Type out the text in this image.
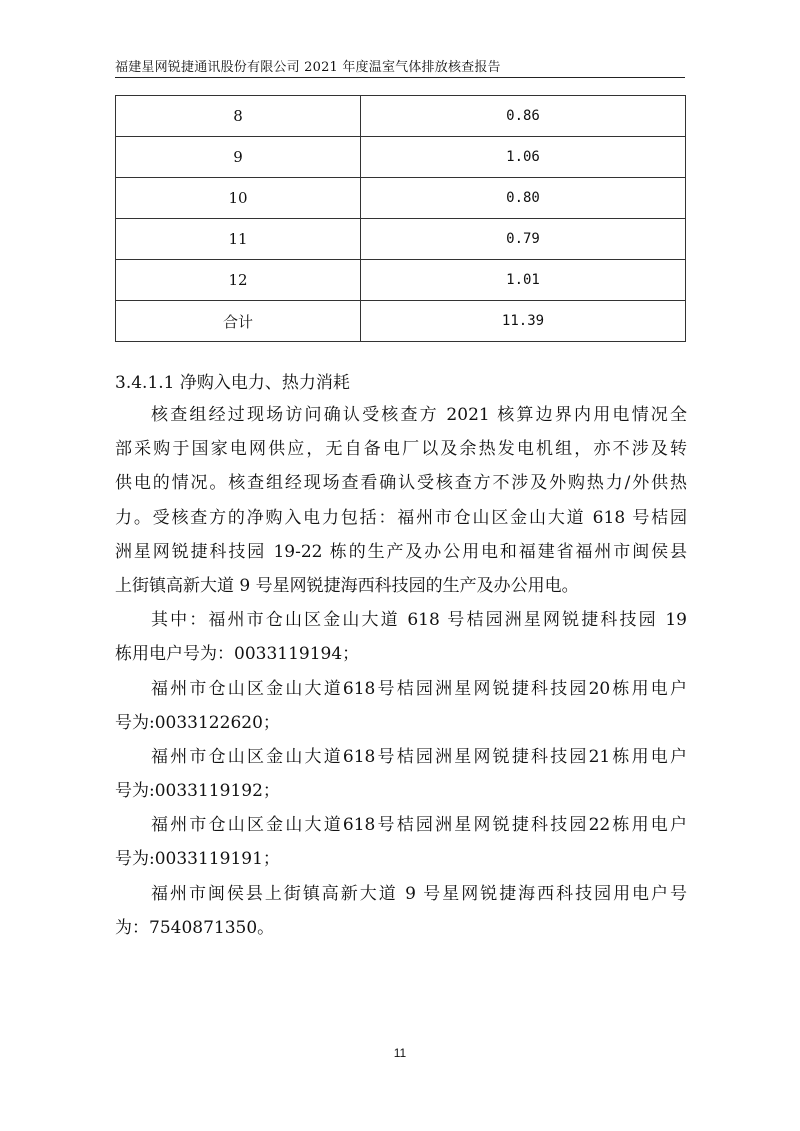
福建星网锐捷通讯股份有限公司 2021 年度温室气体排放核查报告
8	0.86
9	1.06
10	0.80
11	0.79
12	1.01
合计	11.39
3.4.1.1 净购入电力、热力消耗
核查组经过现场访问确认受核查方 2021 核算边界内用电情况全
部采购于国家电网供应，无自备电厂以及余热发电机组，亦不涉及转
供电的情况。核查组经现场查看确认受核查方不涉及外购热力/外供热
力。受核查方的净购入电力包括：福州市仓山区金山大道 618 号桔园
洲星网锐捷科技园 19-22 栋的生产及办公用电和福建省福州市闽侯县
上街镇高新大道 9 号星网锐捷海西科技园的生产及办公用电。
其中：福州市仓山区金山大道 618 号桔园洲星网锐捷科技园 19
栋用电户号为：0033119194；
福州市仓山区金山大道618号桔园洲星网锐捷科技园20栋用电户
号为:0033122620；
福州市仓山区金山大道618号桔园洲星网锐捷科技园21栋用电户
号为:0033119192；
福州市仓山区金山大道618号桔园洲星网锐捷科技园22栋用电户
号为:0033119191；
福州市闽侯县上街镇高新大道 9 号星网锐捷海西科技园用电户号
为：7540871350。
11
